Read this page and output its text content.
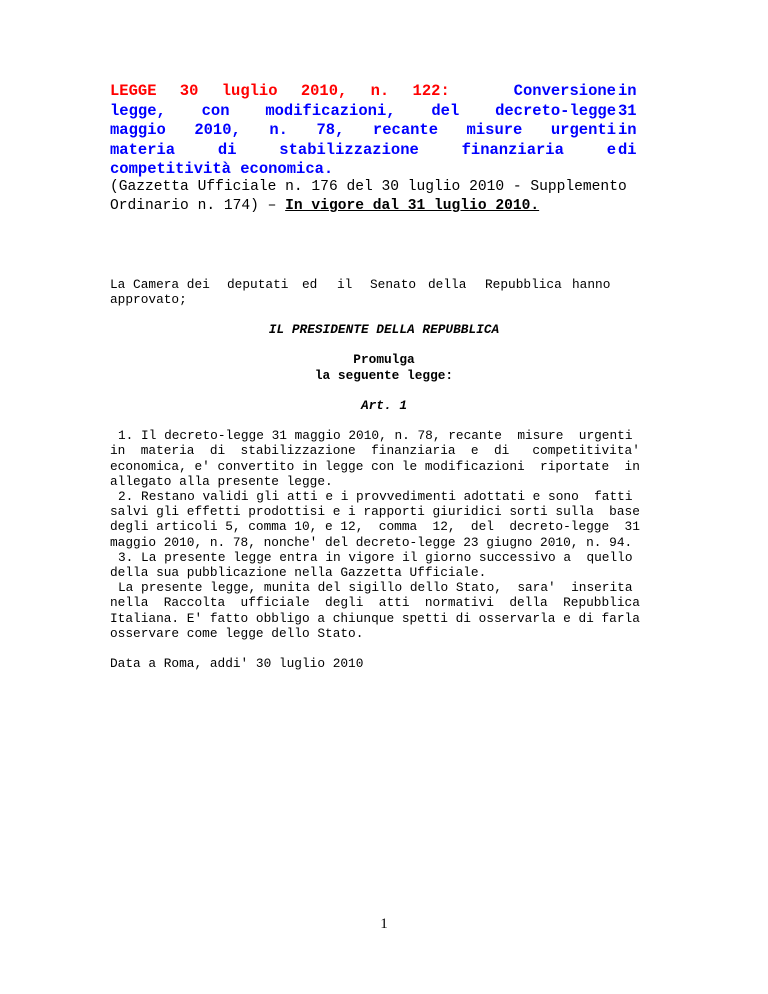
LEGGE 30 luglio 2010, n. 122:	Conversione
legge, con modificazioni, del decreto-legge
maggio 2010, n. 78, recante misure urgenti
materia di stabilizzazione finanziaria e
competitività economica.
in
31
in
di
(Gazzetta Ufficiale n. 176 del 30 luglio 2010 - Supplemento
Ordinario n. 174) – In vigore dal 31 luglio 2010.
La Camera dei deputati ed il Senato della Repubblica hanno

approvato;

IL PRESIDENTE DELLA REPUBBLICA

Promulga

la seguente legge:

Art. 1

1. Il decreto-legge 31 maggio 2010, n. 78, recante  misure  urgenti
in  materia  di  stabilizzazione  finanziaria  e  di   competitivita'
economica, e' convertito in legge con le modificazioni  riportate  in
allegato alla presente legge.
2. Restano validi gli atti e i provvedimenti adottati e sono  fatti
salvi gli effetti prodottisi e i rapporti giuridici sorti sulla  base
degli articoli 5, comma 10, e 12,  comma  12,  del  decreto-legge  31
maggio 2010, n. 78, nonche' del decreto-legge 23 giugno 2010, n. 94.
3. La presente legge entra in vigore il giorno successivo a  quello
della sua pubblicazione nella Gazzetta Ufficiale.
La presente legge, munita del sigillo dello Stato,  sara'  inserita
nella  Raccolta  ufficiale  degli  atti  normativi  della  Repubblica
Italiana. E' fatto obbligo a chiunque spetti di osservarla e di farla
osservare come legge dello Stato.

Data a Roma, addi' 30 luglio 2010

1
